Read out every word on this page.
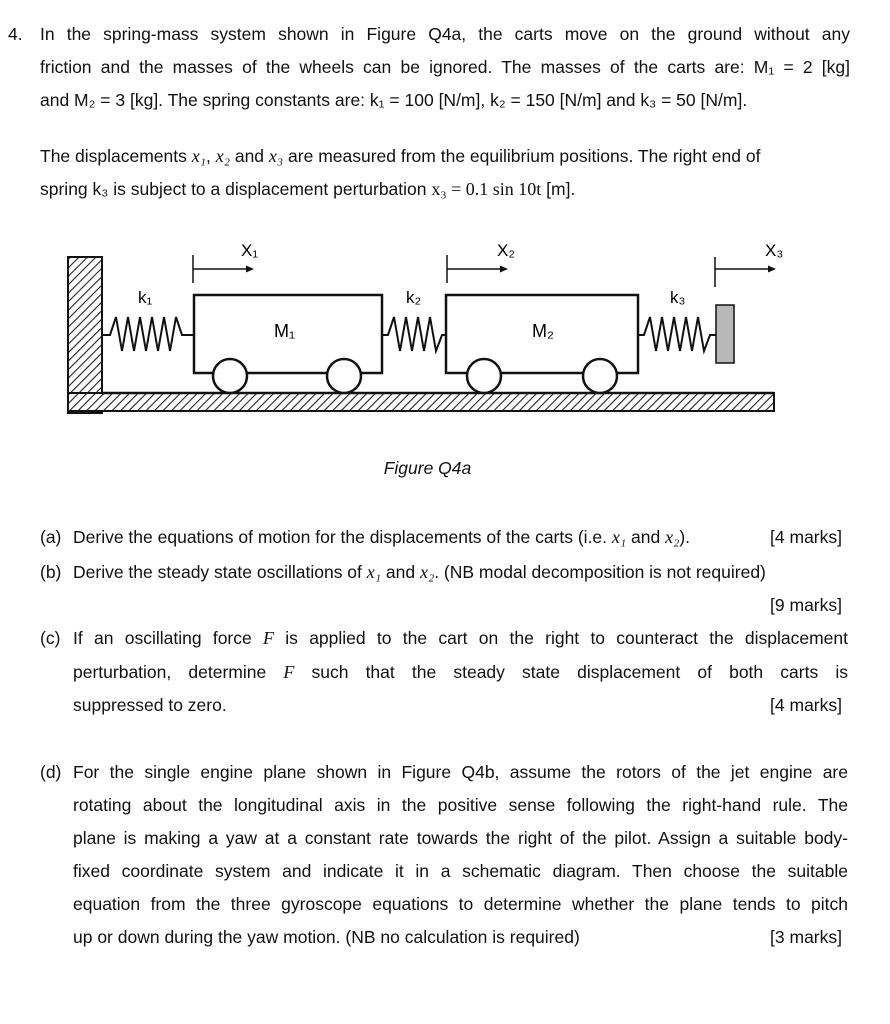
4. In the spring-mass system shown in Figure Q4a, the carts move on the ground without any
friction and the masses of the wheels can be ignored. The masses of the carts are: M₁ = 2 [kg]
and M₂ = 3 [kg]. The spring constants are: k₁ = 100 [N/m], k₂ = 150 [N/m] and k₃ = 50 [N/m].
The displacements x₁, x₂ and x₃ are measured from the equilibrium positions. The right end of
spring k₃ is subject to a displacement perturbation x₃ = 0.1 sin 10t [m].
X₁	X₂	X₃
k₁	k₂	k₃
M₁	M₂
Figure Q4a
(a) Derive the equations of motion for the displacements of the carts (i.e. x₁ and x₂).	[4 marks]
(b) Derive the steady state oscillations of x₁ and x₂. (NB modal decomposition is not required)
[9 marks]
(c) If an oscillating force F is applied to the cart on the right to counteract the displacement
perturbation, determine F such that the steady state displacement of both carts is
suppressed to zero.	[4 marks]
(d) For the single engine plane shown in Figure Q4b, assume the rotors of the jet engine are
rotating about the longitudinal axis in the positive sense following the right-hand rule. The
plane is making a yaw at a constant rate towards the right of the pilot. Assign a suitable body-
fixed coordinate system and indicate it in a schematic diagram. Then choose the suitable
equation from the three gyroscope equations to determine whether the plane tends to pitch
up or down during the yaw motion. (NB no calculation is required)	[3 marks]
